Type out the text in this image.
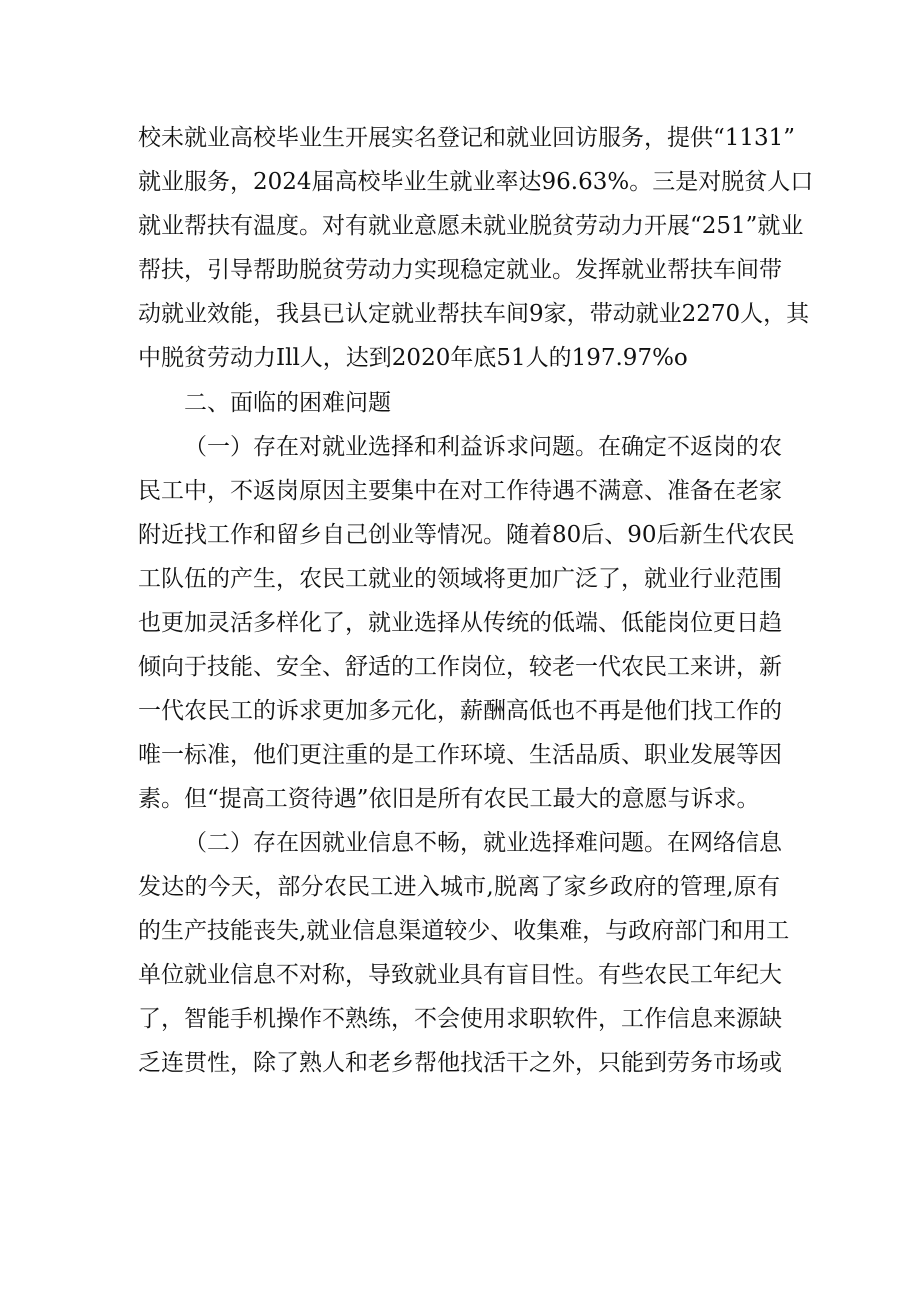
校未就业高校毕业生开展实名登记和就业回访服务，提供“1131”
就业服务，2024届高校毕业生就业率达96.63%。三是对脱贫人口
就业帮扶有温度。对有就业意愿未就业脱贫劳动力开展“251”就业
帮扶，引导帮助脱贫劳动力实现稳定就业。发挥就业帮扶车间带
动就业效能，我县已认定就业帮扶车间9家，带动就业2270人，其
中脱贫劳动力Ill人，达到2020年底51人的197.97%o
二、面临的困难问题
（一）存在对就业选择和利益诉求问题。在确定不返岗的农
民工中，不返岗原因主要集中在对工作待遇不满意、准备在老家
附近找工作和留乡自己创业等情况。随着80后、90后新生代农民
工队伍的产生，农民工就业的领域将更加广泛了，就业行业范围
也更加灵活多样化了，就业选择从传统的低端、低能岗位更日趋
倾向于技能、安全、舒适的工作岗位，较老一代农民工来讲，新
一代农民工的诉求更加多元化，薪酬高低也不再是他们找工作的
唯一标准，他们更注重的是工作环境、生活品质、职业发展等因
素。但“提高工资待遇”依旧是所有农民工最大的意愿与诉求。
（二）存在因就业信息不畅，就业选择难问题。在网络信息
发达的今天，部分农民工进入城市,脱离了家乡政府的管理,原有
的生产技能丧失,就业信息渠道较少、收集难，与政府部门和用工
单位就业信息不对称，导致就业具有盲目性。有些农民工年纪大
了，智能手机操作不熟练，不会使用求职软件，工作信息来源缺
乏连贯性，除了熟人和老乡帮他找活干之外，只能到劳务市场或
